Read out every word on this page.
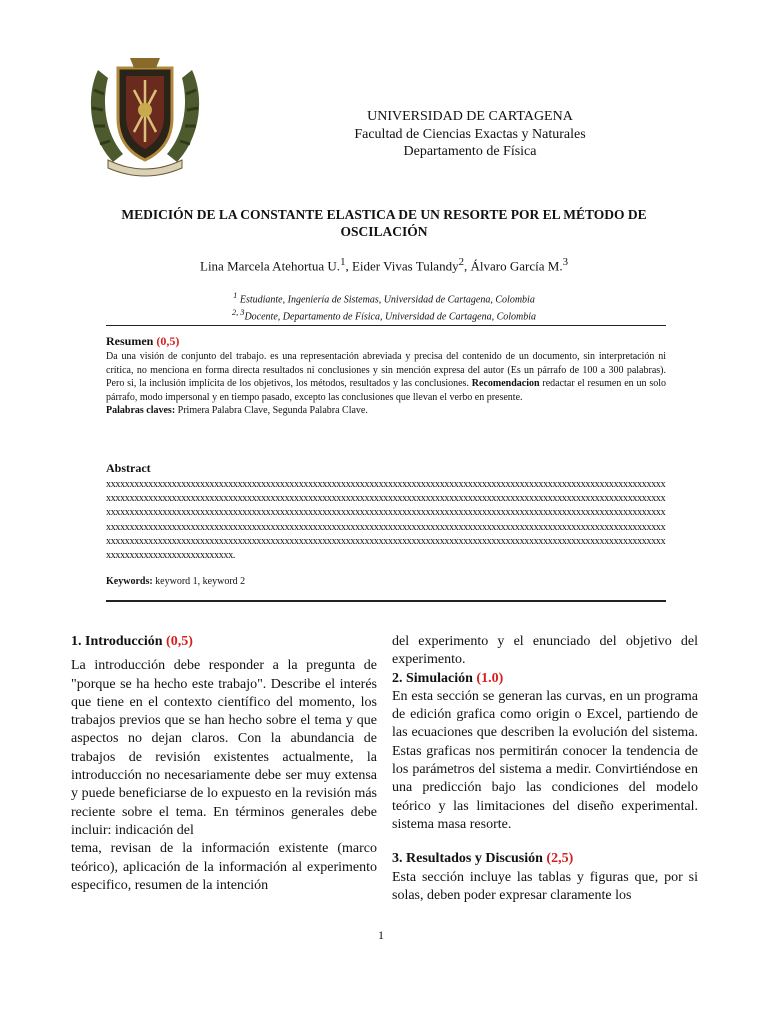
UNIVERSIDAD DE CARTAGENA
Facultad de Ciencias Exactas y Naturales
Departamento de Física
MEDICIÓN DE LA CONSTANTE ELASTICA DE UN RESORTE POR EL MÉTODO DE OSCILACIÓN
Lina Marcela Atehortua U.$^1$, Eider Vivas Tulandy$^2$, Álvaro García M.$^3$
$^1$ Estudiante, Ingeniería de Sistemas, Universidad de Cartagena, Colombia
$^{2, 3}$Docente, Departamento de Física, Universidad de Cartagena, Colombia
Resumen (0,5)
Da una visión de conjunto del trabajo. es una representación abreviada y precisa del contenido de un documento, sin interpretación ni crítica, no menciona en forma directa resultados ni conclusiones y sin mención expresa del autor (Es un párrafo de 100 a 300 palabras). Pero si, la inclusión implícita de los objetivos, los métodos, resultados y las conclusiones. Recomendacion redactar el resumen en un solo párrafo, modo impersonal y en tiempo pasado, excepto las conclusiones que llevan el verbo en presente.
Palabras claves: Primera Palabra Clave, Segunda Palabra Clave.
Abstract
xxxxxxxxxxxxxxxxxxxxxxxxxxxxxxxxxxxxxxxxxxxxxxxxxxxxxxxxxxxxxxxxxxxxxxxxxxxxxxxxxxxxxxxxxxxxxxxxxxxxxxxxxxxxxxxxxxxxxxxxxxxxxxxxxxxxxxxxxxxxxxxxxxxxxxxxxxxxxxxxxxxxxxxxxxxxxxxxxxxxxxxxxxxxxxxxxxxxxxxxxxxxxxxxxxxxxxxxxxxxxxxxxxxxxxxxxxxxxxxxxxxxxxxxxxxxxxxxxxxxxxxxxxxxxxxxxxxxxxxxxxxxxxxxxxxxxxxxxxxxxxxxxxxxxxxxxxxxxxxxxxxxxxxxxxxxxxxxxxxxxxxxxxxxxxxxxxxxxxxxxxxxxxxxxxxxxxxxxxxxxxxxxxxxxxxxxxxxxxxxxxxxxxxxxxxxxxxxxxxxxxxxxxxxxxxxxxxxxxxxxxxxxxxxxxxxxxxxxxxxxxxxxxxxxxxxxxxxxxxxxxxxxxxxxxxxxxxxxxxxxxxxxxxxxxxxxxxxxxxxxxxxxxxxxxxxxxxxxxxxxxxxxxxxxxxxxxxxxxxxxxxxxxxxxxxxxxxxxxxxxxxxxxxxxxxxxxxxxxxxxxxxxxxxxxxxxxxxxxxxxx.
Keywords: keyword 1, keyword 2
1. Introducción (0,5)
La introducción debe responder a la pregunta de "porque se ha hecho este trabajo". Describe el interés que tiene en el contexto científico del momento, los trabajos previos que se han hecho sobre el tema y que aspectos no dejan claros. Con la abundancia de trabajos de revisión existentes actualmente, la introducción no necesariamente debe ser muy extensa y puede beneficiarse de lo expuesto en la revisión más reciente sobre el tema. En términos generales debe incluir: indicación del
tema, revisan de la información existente (marco teórico), aplicación de la información al experimento especifico, resumen de la intención
del experimento y el enunciado del objetivo del experimento.
2. Simulación (1.0)
En esta sección se generan las curvas, en un programa de edición grafica como origin o Excel, partiendo de las ecuaciones que describen la evolución del sistema. Estas graficas nos permitirán conocer la tendencia de los parámetros del sistema a medir. Convirtiéndose en una predicción bajo las condiciones del modelo teórico y las limitaciones del diseño experimental. sistema masa resorte.
3. Resultados y Discusión (2,5)
Esta sección incluye las tablas y figuras que, por si solas, deben poder expresar claramente los
1
